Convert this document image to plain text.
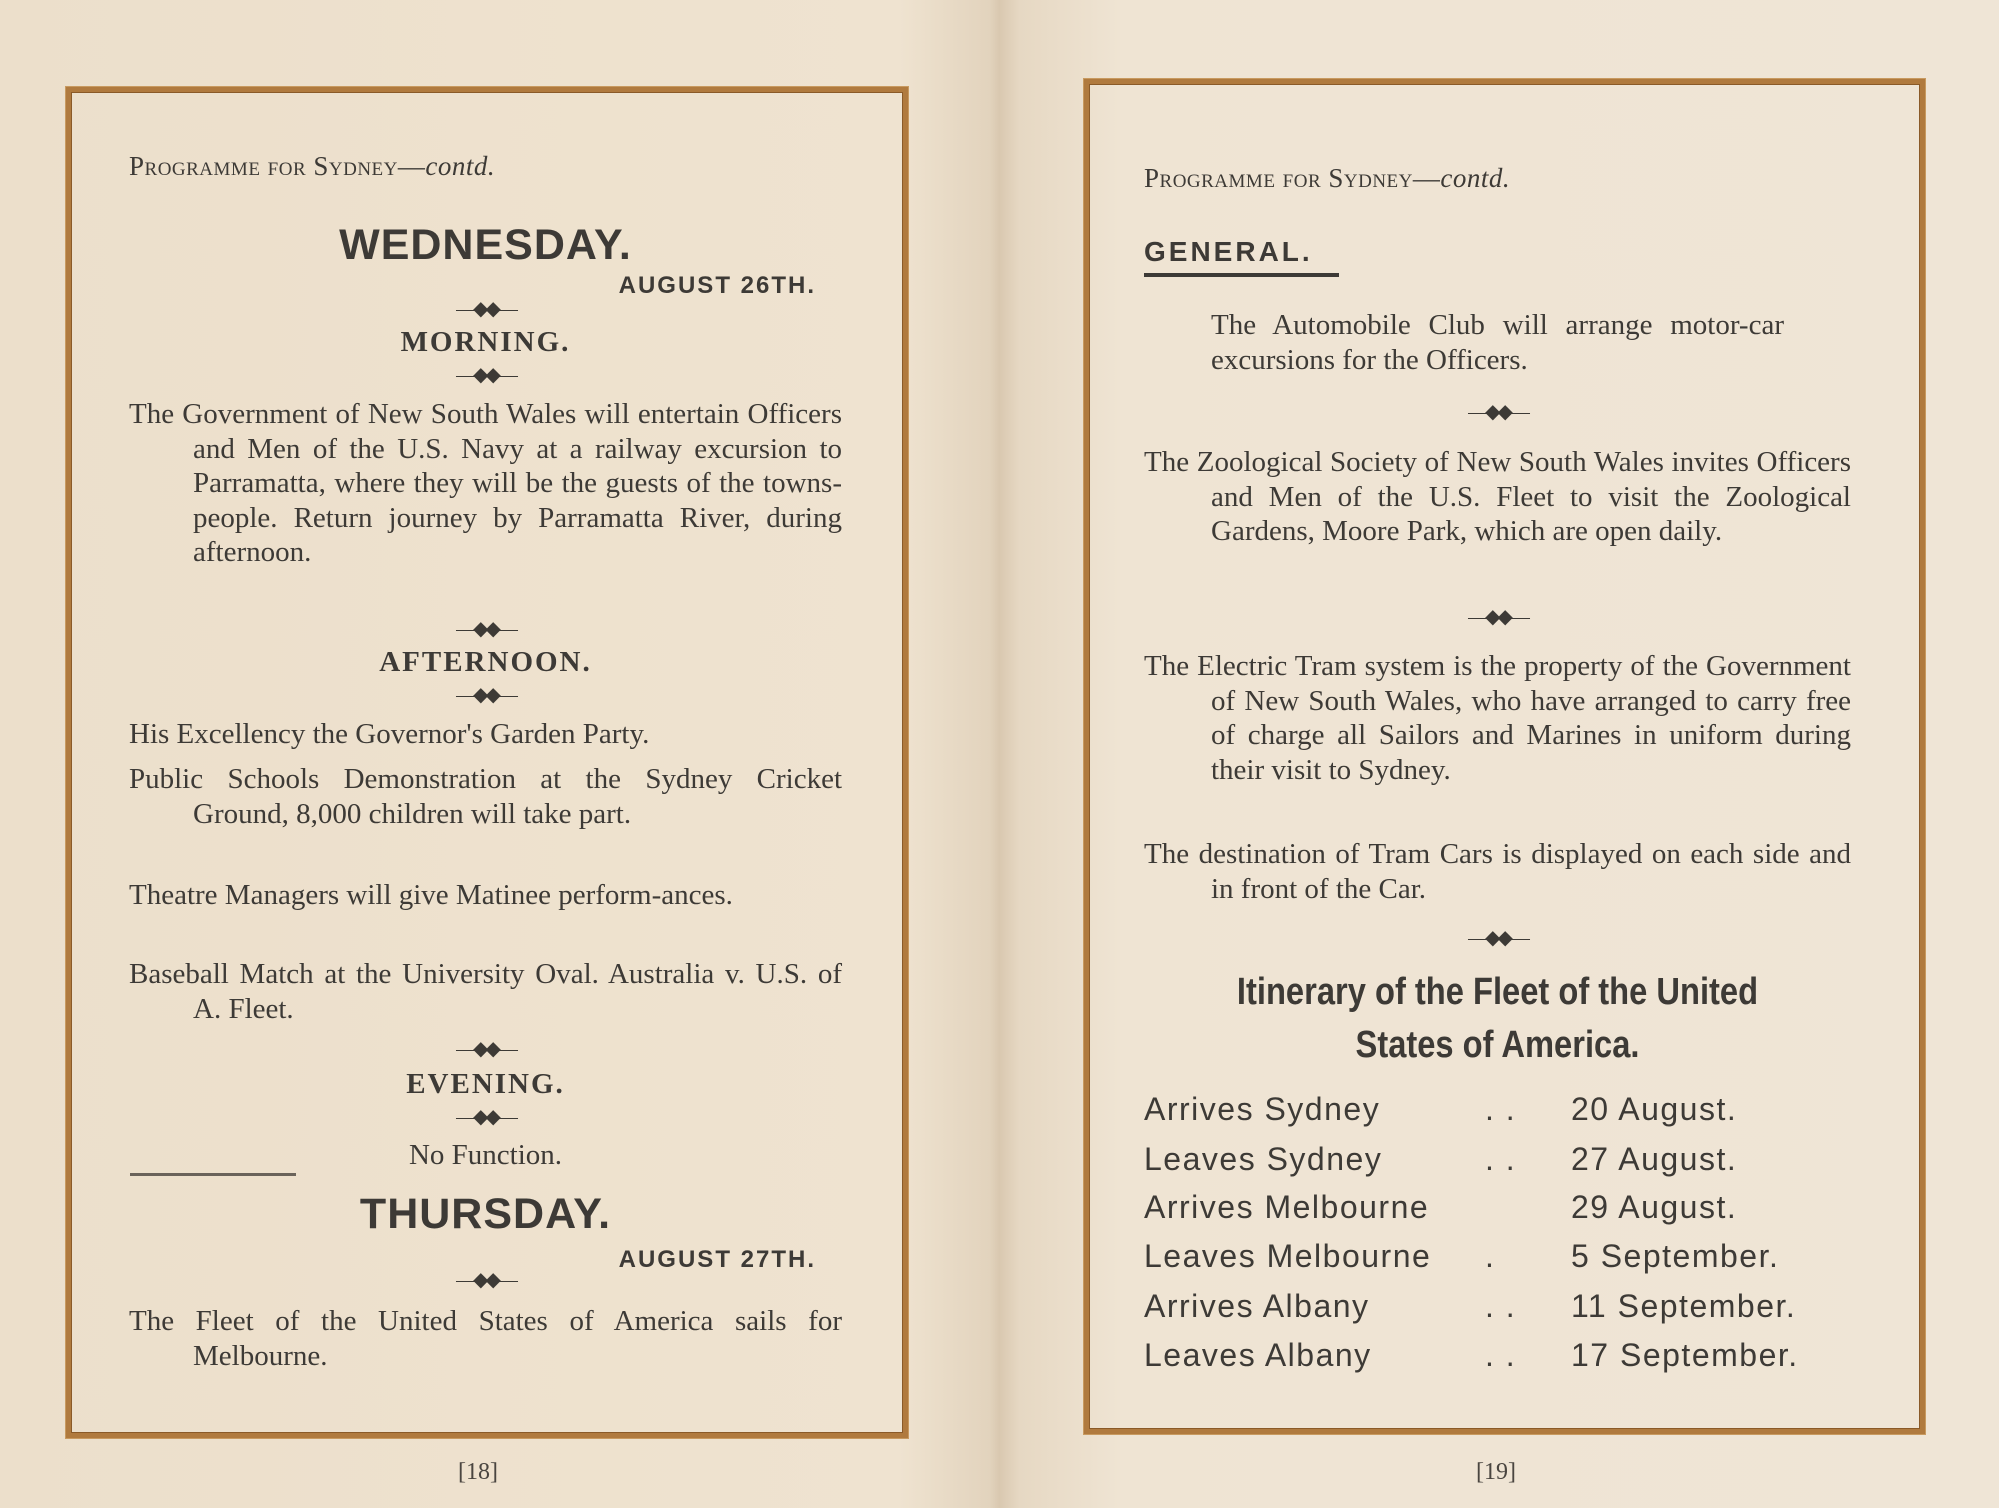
Programme for Sydney—contd.
WEDNESDAY.
AUGUST 26TH.
—◆◆—
MORNING.
—◆◆—
The Government of New South Wales will entertain Officers and Men of the U.S. Navy at a railway excursion to Parramatta, where they will be the guests of the towns-people. Return journey by Parramatta River, during afternoon.
—◆◆—
AFTERNOON.
—◆◆—
His Excellency the Governor's Garden Party.
Public Schools Demonstration at the Sydney Cricket Ground, 8,000 children will take part.
Theatre Managers will give Matinee perform-ances.
Baseball Match at the University Oval. Australia v. U.S. of A. Fleet.
—◆◆—
EVENING.
—◆◆—
No Function.
THURSDAY.
AUGUST 27TH.
—◆◆—
The Fleet of the United States of America sails for Melbourne.
[18]
Programme for Sydney—contd.
GENERAL.
The Automobile Club will arrange motor-car excursions for the Officers.
—◆◆—
The Zoological Society of New South Wales invites Officers and Men of the U.S. Fleet to visit the Zoological Gardens, Moore Park, which are open daily.
—◆◆—
The Electric Tram system is the property of the Government of New South Wales, who have arranged to carry free of charge all Sailors and Marines in uniform during their visit to Sydney.
The destination of Tram Cars is displayed on each side and in front of the Car.
—◆◆—
Itinerary of the Fleet of the United
States of America.
Arrives Sydney	. . 20 August.
Leaves Sydney	. . 27 August.
Arrives Melbourne	29 August.
Leaves Melbourne . 5 September.
Arrives Albany	. . 11 September.
Leaves Albany	. . 17 September.
[19]
